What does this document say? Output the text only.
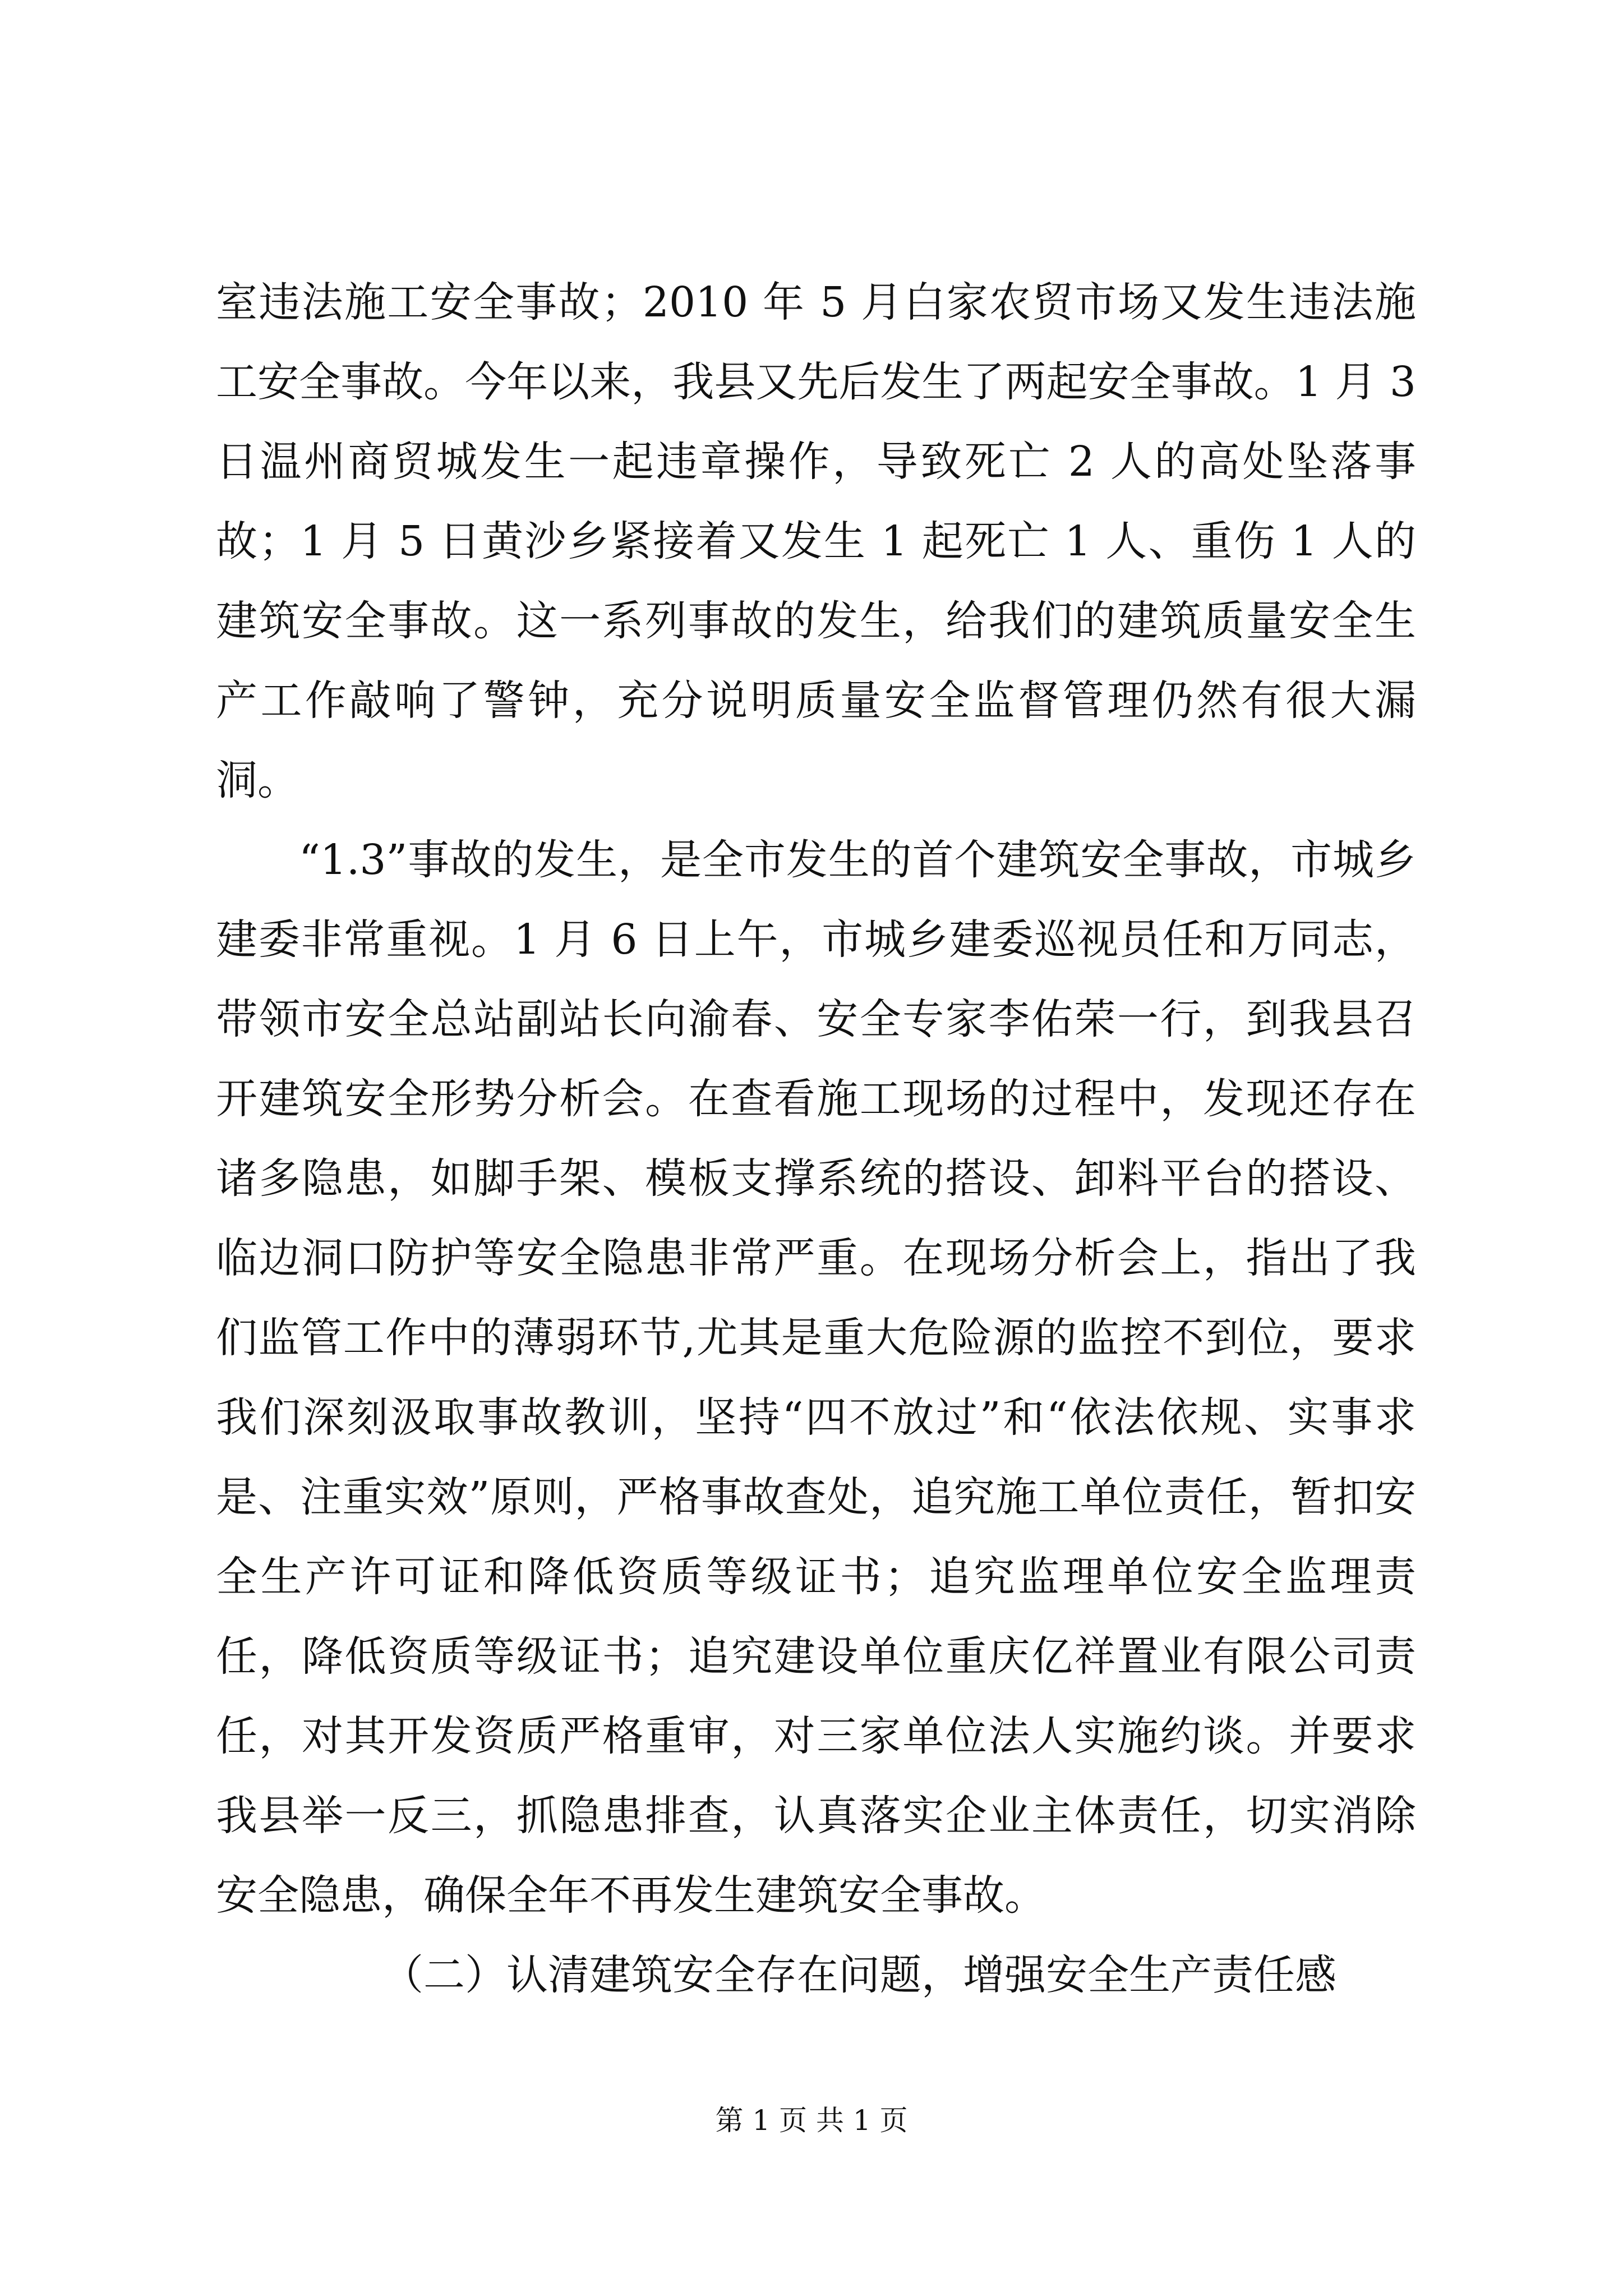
室违法施工安全事故；2010 年 5 月白家农贸市场又发生违法施工安全事故。今年以来，我县又先后发生了两起安全事故。1 月 3 日温州商贸城发生一起违章操作，导致死亡 2 人的高处坠落事故；1 月 5 日黄沙乡紧接着又发生 1 起死亡 1 人、重伤 1 人的建筑安全事故。这一系列事故的发生，给我们的建筑质量安全生产工作敲响了警钟，充分说明质量安全监督管理仍然有很大漏洞。

“1.3”事故的发生，是全市发生的首个建筑安全事故，市城乡建委非常重视。1 月 6 日上午，市城乡建委巡视员任和万同志，带领市安全总站副站长向渝春、安全专家李佑荣一行，到我县召开建筑安全形势分析会。在查看施工现场的过程中，发现还存在诸多隐患，如脚手架、模板支撑系统的搭设、卸料平台的搭设、临边洞口防护等安全隐患非常严重。在现场分析会上，指出了我们监管工作中的薄弱环节,尤其是重大危险源的监控不到位，要求我们深刻汲取事故教训，坚持“四不放过”和“依法依规、实事求是、注重实效”原则，严格事故查处，追究施工单位责任，暂扣安全生产许可证和降低资质等级证书；追究监理单位安全监理责任，降低资质等级证书；追究建设单位重庆亿祥置业有限公司责任，对其开发资质严格重审，对三家单位法人实施约谈。并要求我县举一反三，抓隐患排查，认真落实企业主体责任，切实消除安全隐患，确保全年不再发生建筑安全事故。

（二）认清建筑安全存在问题，增强安全生产责任感

第 1 页 共 1 页
